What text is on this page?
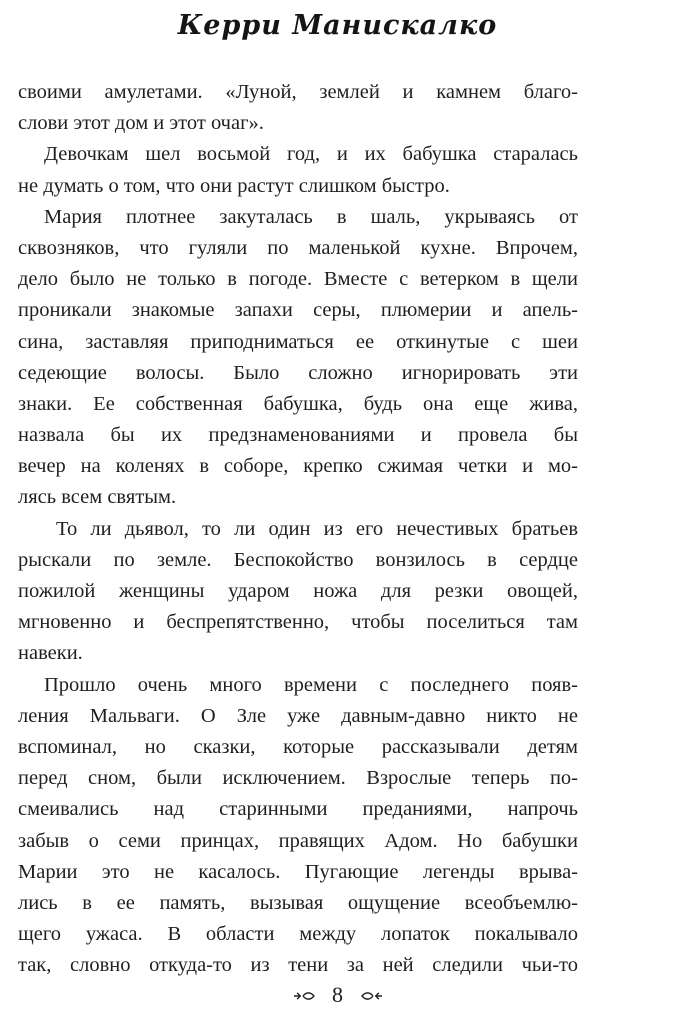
Керри Манискалко
своими амулетами. «Луной, землей и камнем благо-
слови этот дом и этот очаг».
Девочкам шел восьмой год, и их бабушка старалась
не думать о том, что они растут слишком быстро.
Мария плотнее закуталась в шаль, укрываясь от
сквозняков, что гуляли по маленькой кухне. Впрочем,
дело было не только в погоде. Вместе с ветерком в щели
проникали знакомые запахи серы, плюмерии и апель-
сина, заставляя приподниматься ее откинутые с шеи
седеющие волосы. Было сложно игнорировать эти
знаки. Ее собственная бабушка, будь она еще жива,
назвала бы их предзнаменованиями и провела бы
вечер на коленях в соборе, крепко сжимая четки и мо-
лясь всем святым.
То ли дьявол, то ли один из его нечестивых братьев
рыскали по земле. Беспокойство вонзилось в сердце
пожилой женщины ударом ножа для резки овощей,
мгновенно и беспрепятственно, чтобы поселиться там
навеки.
Прошло очень много времени с последнего появ-
ления Мальваги. О Зле уже давным-давно никто не
вспоминал, но сказки, которые рассказывали детям
перед сном, были исключением. Взрослые теперь по-
смеивались над старинными преданиями, напрочь
забыв о семи принцах, правящих Адом. Но бабушки
Марии это не касалось. Пугающие легенды врыва-
лись в ее память, вызывая ощущение всеобъемлю-
щего ужаса. В области между лопаток покалывало
так, словно откуда-то из тени за ней следили чьи-то
8
